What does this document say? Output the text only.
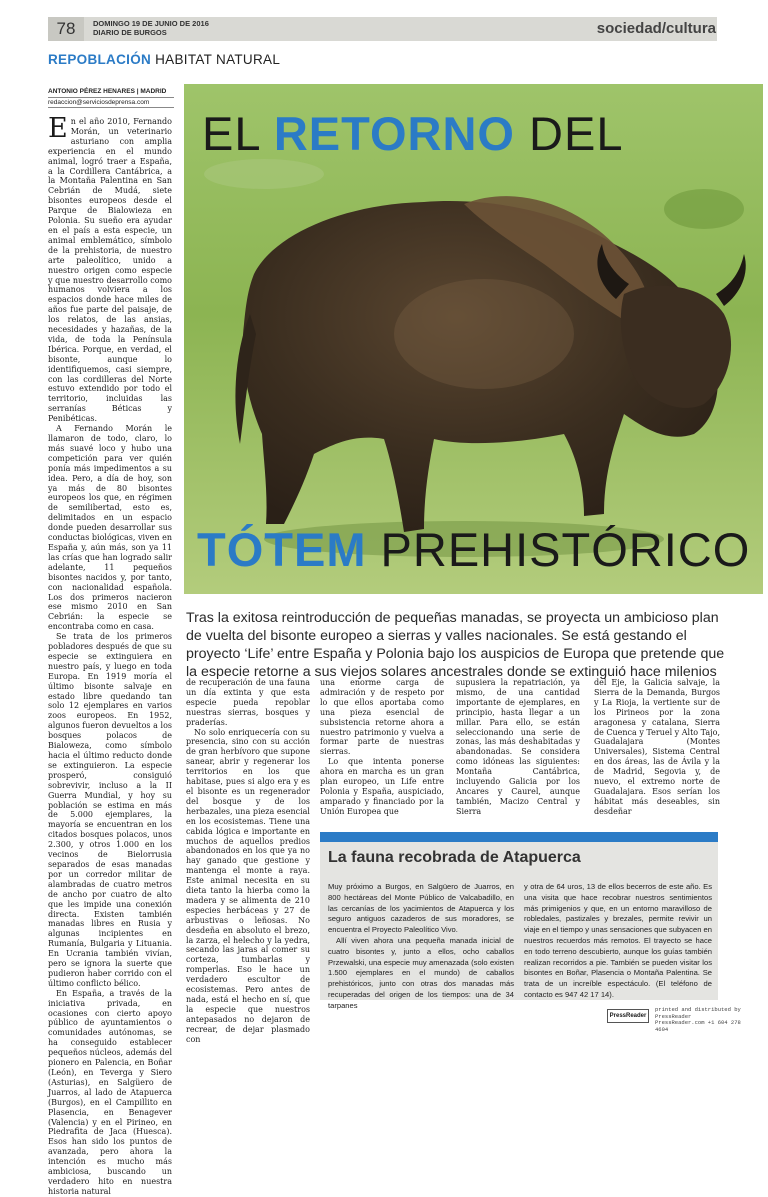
78	DOMINGO 19 DE JUNIO DE 2016
DIARIO DE BURGOS	sociedad/cultura
REPOBLACIÓN HABITAT NATURAL
ANTONIO PÉREZ HENARES | MADRID
redaccion@serviciosdeprensa.com
EL RETORNO DEL
TÓTEM PREHISTÓRICO
Tras la exitosa reintroducción de pequeñas manadas, se proyecta un ambicioso plan de vuelta del bisonte europeo a sierras y valles nacionales. Se está gestando el proyecto ‘Life’ entre España y Polonia bajo los auspicios de Europa que pretende que la especie retorne a sus viejos solares ancestrales donde se extinguió hace milenios

En el año 2010, Fernando Morán, un veterinario asturiano con amplia experiencia en el mundo animal, logró traer a España, a la Cordillera Cantábrica, a la Montaña Palentina en San Cebrián de Mudá, siete bisontes europeos desde el Parque de Bialowieza en Polonia. Su sueño era ayudar en el país a esta especie, un animal emblemático, símbolo de la prehistoria, de nuestro arte paleolítico, unido a nuestro origen como especie y que nuestro desarrollo como humanos volviera a los espacios donde hace miles de años fue parte del paisaje, de los relatos, de las ansias, necesidades y hazañas, de la vida, de toda la Península Ibérica. Porque, en verdad, el bisonte, aunque lo identifiquemos, casi siempre, con las cordilleras del Norte estuvo extendido por todo el territorio, incluidas las serranías Béticas y Penibéticas.

A Fernando Morán le llamaron de todo, claro, lo más suavé loco y hubo una competición para ver quién ponía más impedimentos a su idea. Pero, a día de hoy, son ya más de 80 bisontes europeos los que, en régimen de semilibertad, esto es, delimitados en un espacio donde pueden desarrollar sus conductas biológicas, viven en España y, aún más, son ya 11 las crías que han logrado salir adelante, 11 pequeños bisontes nacidos y, por tanto, con nacionalidad española. Los dos primeros nacieron ese mismo 2010 en San Cebrián: la especie se encontraba como en casa.

Se trata de los primeros pobladores después de que su especie se extinguiera en nuestro país, y luego en toda Europa. En 1919 moría el último bisonte salvaje en estado libre quedando tan solo 12 ejemplares en varios zoos europeos. En 1952, algunos fueron devueltos a los bosques polacos de Bialoweza, como símbolo hacia el último reducto donde se extinguieron. La especie prosperó, consiguió sobrevivir, incluso a la II Guerra Mundial, y hoy su población se estima en más de 5.000 ejemplares, la mayoría se encuentran en los citados bosques polacos, unos 2.300, y otros 1.000 en los vecinos de Bielorrusia separados de esas manadas por un corredor militar de alambradas de cuatro metros de ancho por cuatro de alto que les impide una conexión directa. Existen también manadas libres en Rusia y algunas incipientes en Rumanía, Bulgaria y Lituania. En Ucrania también vivían, pero se ignora la suerte que pudieron haber corrido con el último conflicto bélico.

En España, a través de la iniciativa privada, en ocasiones con cierto apoyo público de ayuntamientos o comunidades autónomas, se ha conseguido establecer pequeños núcleos, además del pionero en Palencia, en Boñar (León), en Teverga y Siero (Asturias), en Salgüero de Juarros, al lado de Atapuerca (Burgos), en el Campillito en Plasencia, en Benagever (Valencia) y en el Pirineo, en Piedrafita de Jaca (Huesca). Esos han sido los puntos de avanzada, pero ahora la intención es mucho más ambiciosa, buscando un verdadero hito en nuestra historia natural

de recuperación de una fauna un día extinta y que esta especie pueda repoblar nuestras sierras, bosques y praderías.

No solo enriquecería con su presencia, sino con su acción de gran herbívoro que supone sanear, abrir y regenerar los territorios en los que habitase, pues si algo era y es el bisonte es un regenerador del bosque y de los herbazales, una pieza esencial en los ecosistemas. Tiene una cabida lógica e importante en muchos de aquellos predios abandonados en los que ya no hay ganado que gestione y mantenga el monte a raya. Este animal necesita en su dieta tanto la hierba como la madera y se alimenta de 210 especies herbáceas y 27 de arbustivas o leñosas. No desdeña en absoluto el brezo, la zarza, el helecho y la yedra, secando las jaras al comer su corteza, tumbarlas y romperlas. Eso le hace un verdadero escultor de ecosistemas. Pero antes de nada, está el hecho en sí, que la especie que nuestros antepasados no dejaron de recrear, de dejar plasmado con

una enorme carga de admiración y de respeto por lo que ellos aportaba como una pieza esencial de subsistencia retorne ahora a nuestro patrimonio y vuelva a formar parte de nuestras sierras.

Lo que intenta ponerse ahora en marcha es un gran plan europeo, un Life entre Polonia y España, auspiciado, amparado y financiado por la Unión Europea que

supusiera la repatriación, ya mismo, de una cantidad importante de ejemplares, en principio, hasta llegar a un millar. Para ello, se están seleccionando una serie de zonas, las más deshabitadas y abandonadas. Se considera como idóneas las siguientes: Montaña Cantábrica, incluyendo Galicia por los Ancares y Caurel, aunque también, Macizo Central y Sierra

del Eje, la Galicia salvaje, la Sierra de la Demanda, Burgos y La Rioja, la vertiente sur de los Pirineos por la zona aragonesa y catalana, Sierra de Cuenca y Teruel y Alto Tajo, Guadalajara (Montes Universales), Sistema Central en dos áreas, las de Ávila y la de Madrid, Segovia y, de nuevo, el extremo norte de Guadalajara. Esos serían los hábitat más deseables, sin desdeñar

La fauna recobrada de Atapuerca

Muy próximo a Burgos, en Salgüero de Juarros, en 800 hectáreas del Monte Público de Valcabadillo, en las cercanías de los yacimientos de Atapuerca y los seguro antiguos cazaderos de sus moradores, se encuentra el Proyecto Paleolítico Vivo.

Allí viven ahora una pequeña manada inicial de cuatro bisontes y, junto a ellos, ocho caballos Przewalski, una especie muy amenazada (solo existen 1.500 ejemplares en el mundo) de caballos prehistóricos, junto con otras dos manadas más recuperadas del origen de los tiempos: una de 34 tarpanes

y otra de 64 uros, 13 de ellos becerros de este año. Es una visita que hace recobrar nuestros sentimientos más primigenios y que, en un entorno maravilloso de robledales, pastizales y brezales, permite revivir un viaje en el tiempo y unas sensaciones que subyacen en nuestros recuerdos más remotos. El trayecto se hace en todo terreno descubierto, aunque los guías también realizan recorridos a pie. También se pueden visitar los bisontes en Boñar, Plasencia o Montaña Palentina. Se trata de un increíble espectáculo. (El teléfono de contacto es 947 42 17 14).

PressReader
printed and distributed by PressReader
PressReader.com +1 604 278 4604
